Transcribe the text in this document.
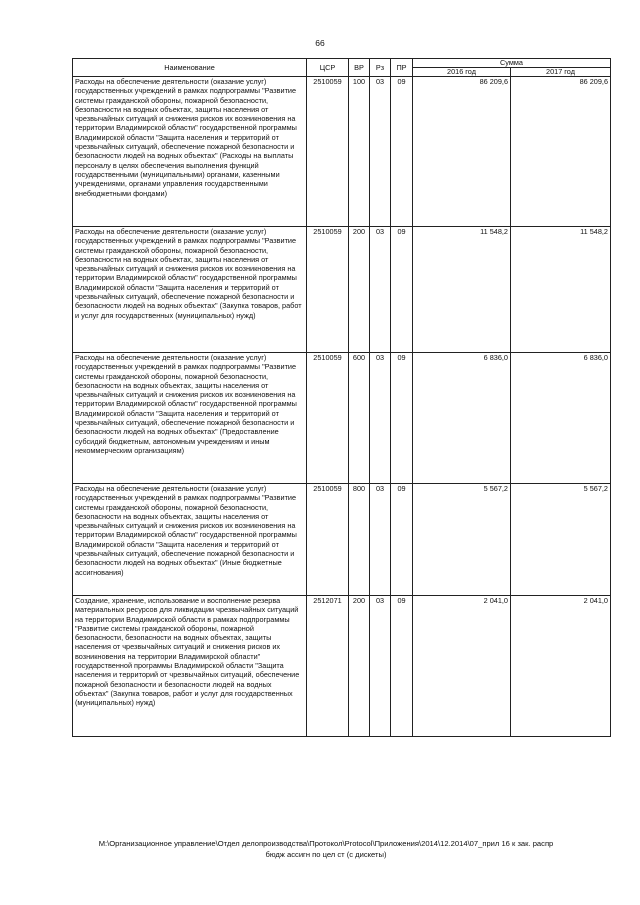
66
Наименование	ЦСР	ВР	Рз	ПР	Сумма	
					2016 год	2017 год
Расходы на обеспечение деятельности (оказание услуг) государственных учреждений в рамках подпрограммы "Развитие системы гражданской обороны, пожарной безопасности, безопасности на водных объектах, защиты населения от чрезвычайных ситуаций и снижения рисков их возникновения на территории Владимирской области" государственной программы Владимирской области "Защита населения и территорий от чрезвычайных ситуаций, обеспечение пожарной безопасности и безопасности людей на водных объектах" (Расходы на выплаты персоналу в целях обеспечения выполнения функций государственными (муниципальными) органами, казенными учреждениями, органами управления государственными внебюджетными фондами)	2510059	100	03	09	86 209,6	86 209,6
Расходы на обеспечение деятельности (оказание услуг) государственных учреждений в рамках подпрограммы "Развитие системы гражданской обороны, пожарной безопасности, безопасности на водных объектах, защиты населения от чрезвычайных ситуаций и снижения рисков их возникновения на территории Владимирской области" государственной программы Владимирской области "Защита населения и территорий от чрезвычайных ситуаций, обеспечение пожарной безопасности и безопасности людей на водных объектах" (Закупка товаров, работ и услуг для государственных (муниципальных) нужд)	2510059	200	03	09	11 548,2	11 548,2
Расходы на обеспечение деятельности (оказание услуг) государственных учреждений в рамках подпрограммы "Развитие системы гражданской обороны, пожарной безопасности, безопасности на водных объектах, защиты населения от чрезвычайных ситуаций и снижения рисков их возникновения на территории Владимирской области" государственной программы Владимирской области "Защита населения и территорий от чрезвычайных ситуаций, обеспечение пожарной безопасности и безопасности людей на водных объектах" (Предоставление субсидий бюджетным, автономным учреждениям и иным некоммерческим организациям)	2510059	600	03	09	6 836,0	6 836,0
Расходы на обеспечение деятельности (оказание услуг) государственных учреждений в рамках подпрограммы "Развитие системы гражданской обороны, пожарной безопасности, безопасности на водных объектах, защиты населения от чрезвычайных ситуаций и снижения рисков их возникновения на территории Владимирской области" государственной программы Владимирской области "Защита населения и территорий от чрезвычайных ситуаций, обеспечение пожарной безопасности и безопасности людей на водных объектах" (Иные бюджетные ассигнования)	2510059	800	03	09	5 567,2	5 567,2
Создание, хранение, использование и восполнение резерва материальных ресурсов для ликвидации чрезвычайных ситуаций на территории Владимирской области в рамках подпрограммы "Развитие системы гражданской обороны, пожарной безопасности, безопасности на водных объектах, защиты населения от чрезвычайных ситуаций и снижения рисков их возникновения на территории Владимирской области" государственной программы Владимирской области "Защита населения и территорий от чрезвычайных ситуаций, обеспечение пожарной безопасности и безопасности людей на водных объектах" (Закупка товаров, работ и услуг для государственных (муниципальных) нужд)	2512071	200	03	09	2 041,0	2 041,0
М:\Организационное управление\Отдел делопроизводства\Протокол\Protocol\Приложения\2014\12.2014\07_прил 16 к зак. распр
бюдж ассигн по цел ст (с дискеты)
